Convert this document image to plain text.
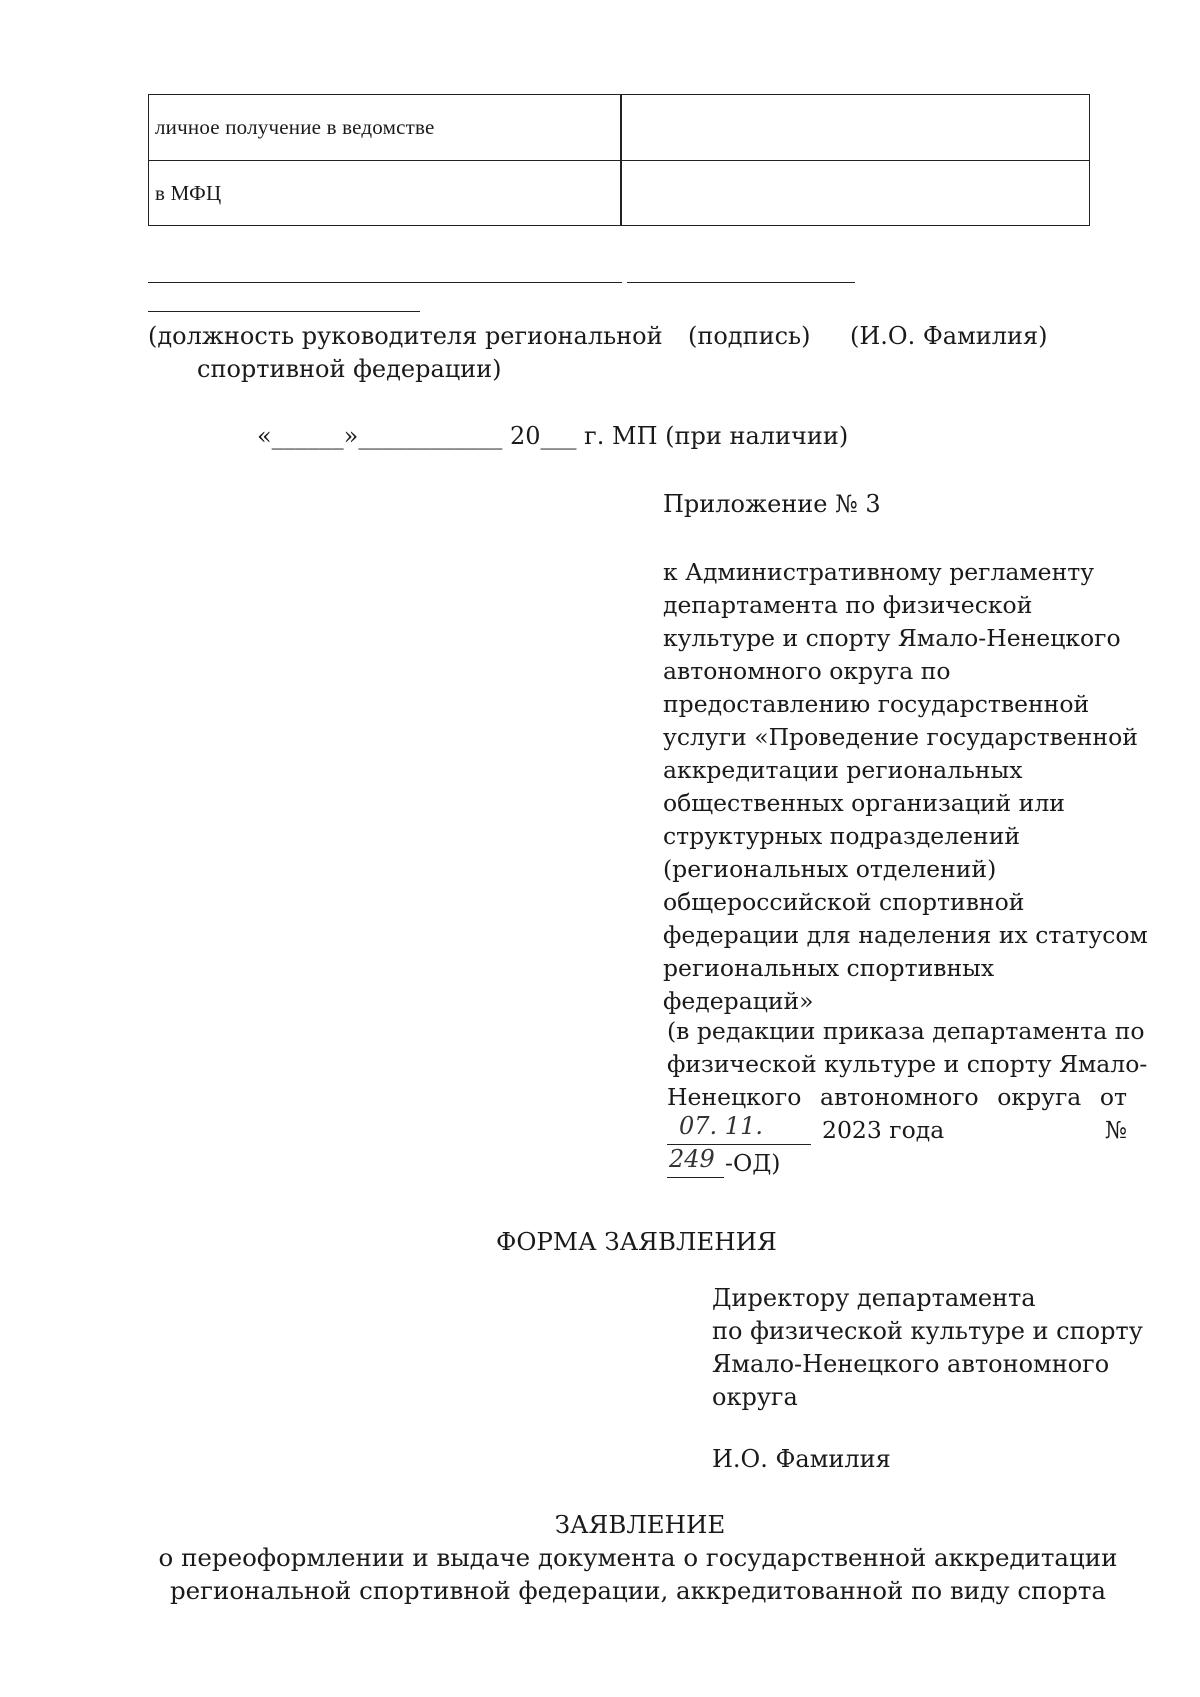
личное получение в ведомстве
в МФЦ
(должность руководителя региональной (подпись) (И.О. Фамилия)
спортивной федерации)
«______»____________ 20___ г. МП (при наличии)
Приложение № 3
к Административному регламенту
департамента по физической
культуре и спорту Ямало-Ненецкого
автономного округа по
предоставлению государственной
услуги «Проведение государственной
аккредитации региональных
общественных организаций или
структурных подразделений
(региональных отделений)
общероссийской спортивной
федерации для наделения их статусом
региональных спортивных
федераций»
(в редакции приказа департамента по
физической культуре и спорту Ямало-
Ненецкого автономного округа от
07. 11.	2023 года	№
249 -ОД)
ФОРМА ЗАЯВЛЕНИЯ
Директору департамента
по физической культуре и спорту
Ямало-Ненецкого автономного
округа
И.О. Фамилия
ЗАЯВЛЕНИЕ
о переоформлении и выдаче документа о государственной аккредитации
региональной спортивной федерации, аккредитованной по виду спорта
